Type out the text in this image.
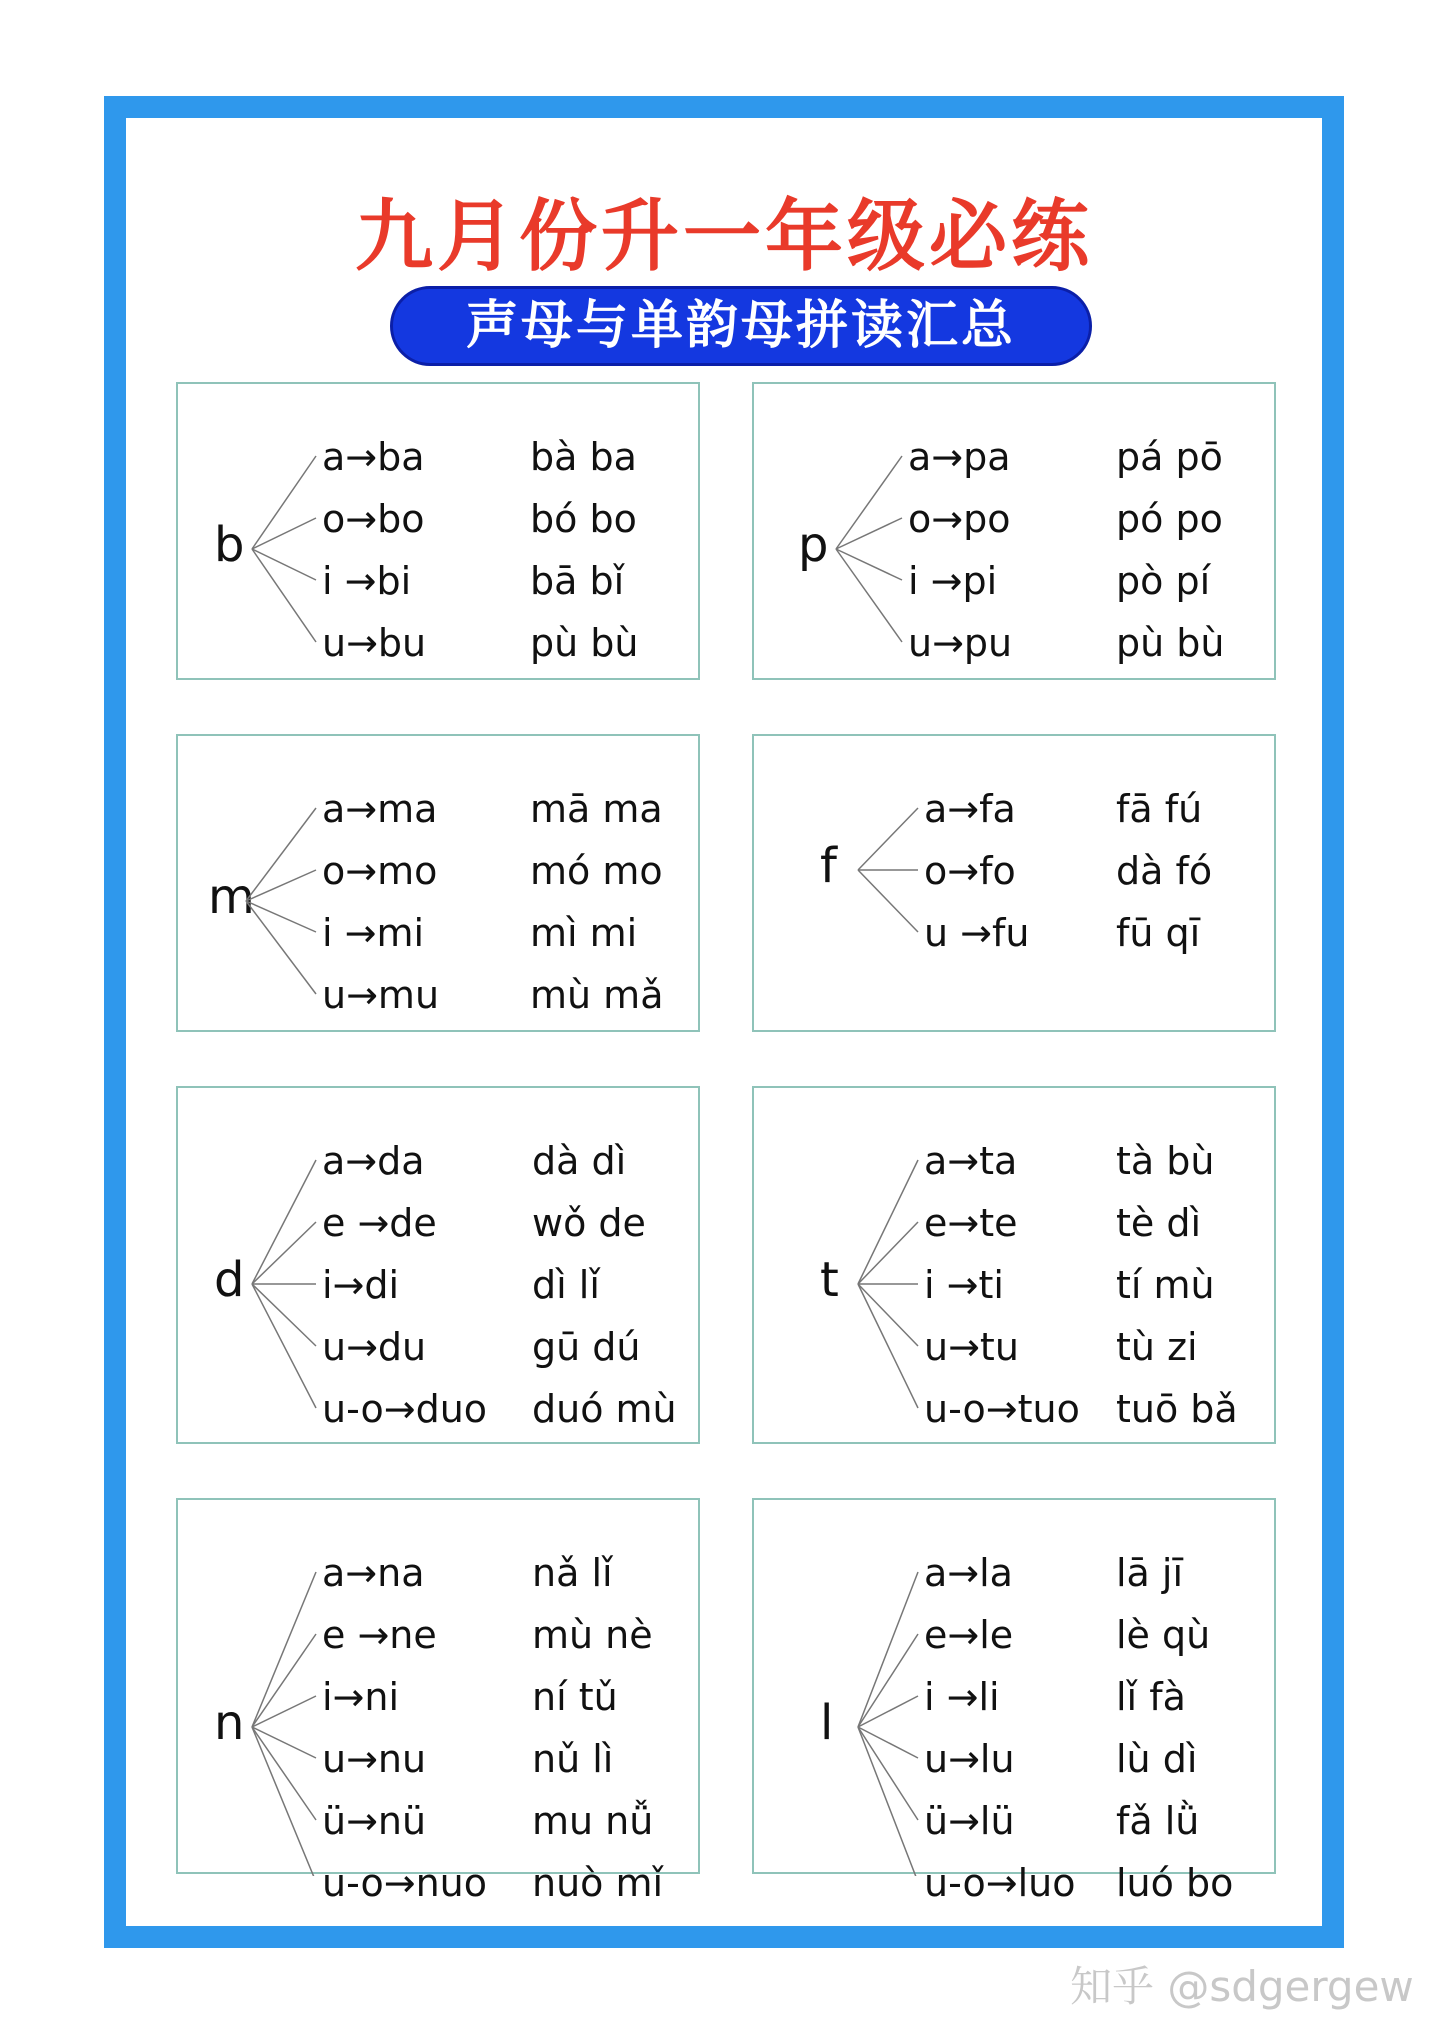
九月份升一年级必练
声母与单韵母拼读汇总
b
a→ba	bà ba
o→bo	bó bo
i →bi	bā bǐ
u→bu	pù bù
p
a→pa	pá pō
o→po	pó po
i →pi	pò pí
u→pu	pù bù
m
a→ma mā ma
o→mo mó mo
i →mi	mì mi
u→mu mù mǎ
f
a→fa	fā fú
o→fo	dà fó
u →fu fū qī
d
a→da	dà dì
e →de	wǒ de
i→di	dì lǐ
u→du	gū dú
u-o→duo duó mù
t
a→ta	tà bù
e→te	tè dì
i →ti	tí mù
u→tu	tù zi
u-o→tuo tuō bǎ
n
a→na	nǎ lǐ
e →ne	mù nè
i→ni	ní tǔ
u→nu	nǔ lì
ü→nü	mu nǚ
u-o→nuo nuò mǐ
l
a→la	lā jī
e→le	lè qù
i →li	lǐ fà
u→lu	lù dì
ü→lü	fǎ lǜ
u-o→luo luó bo
知乎 @sdgergew
